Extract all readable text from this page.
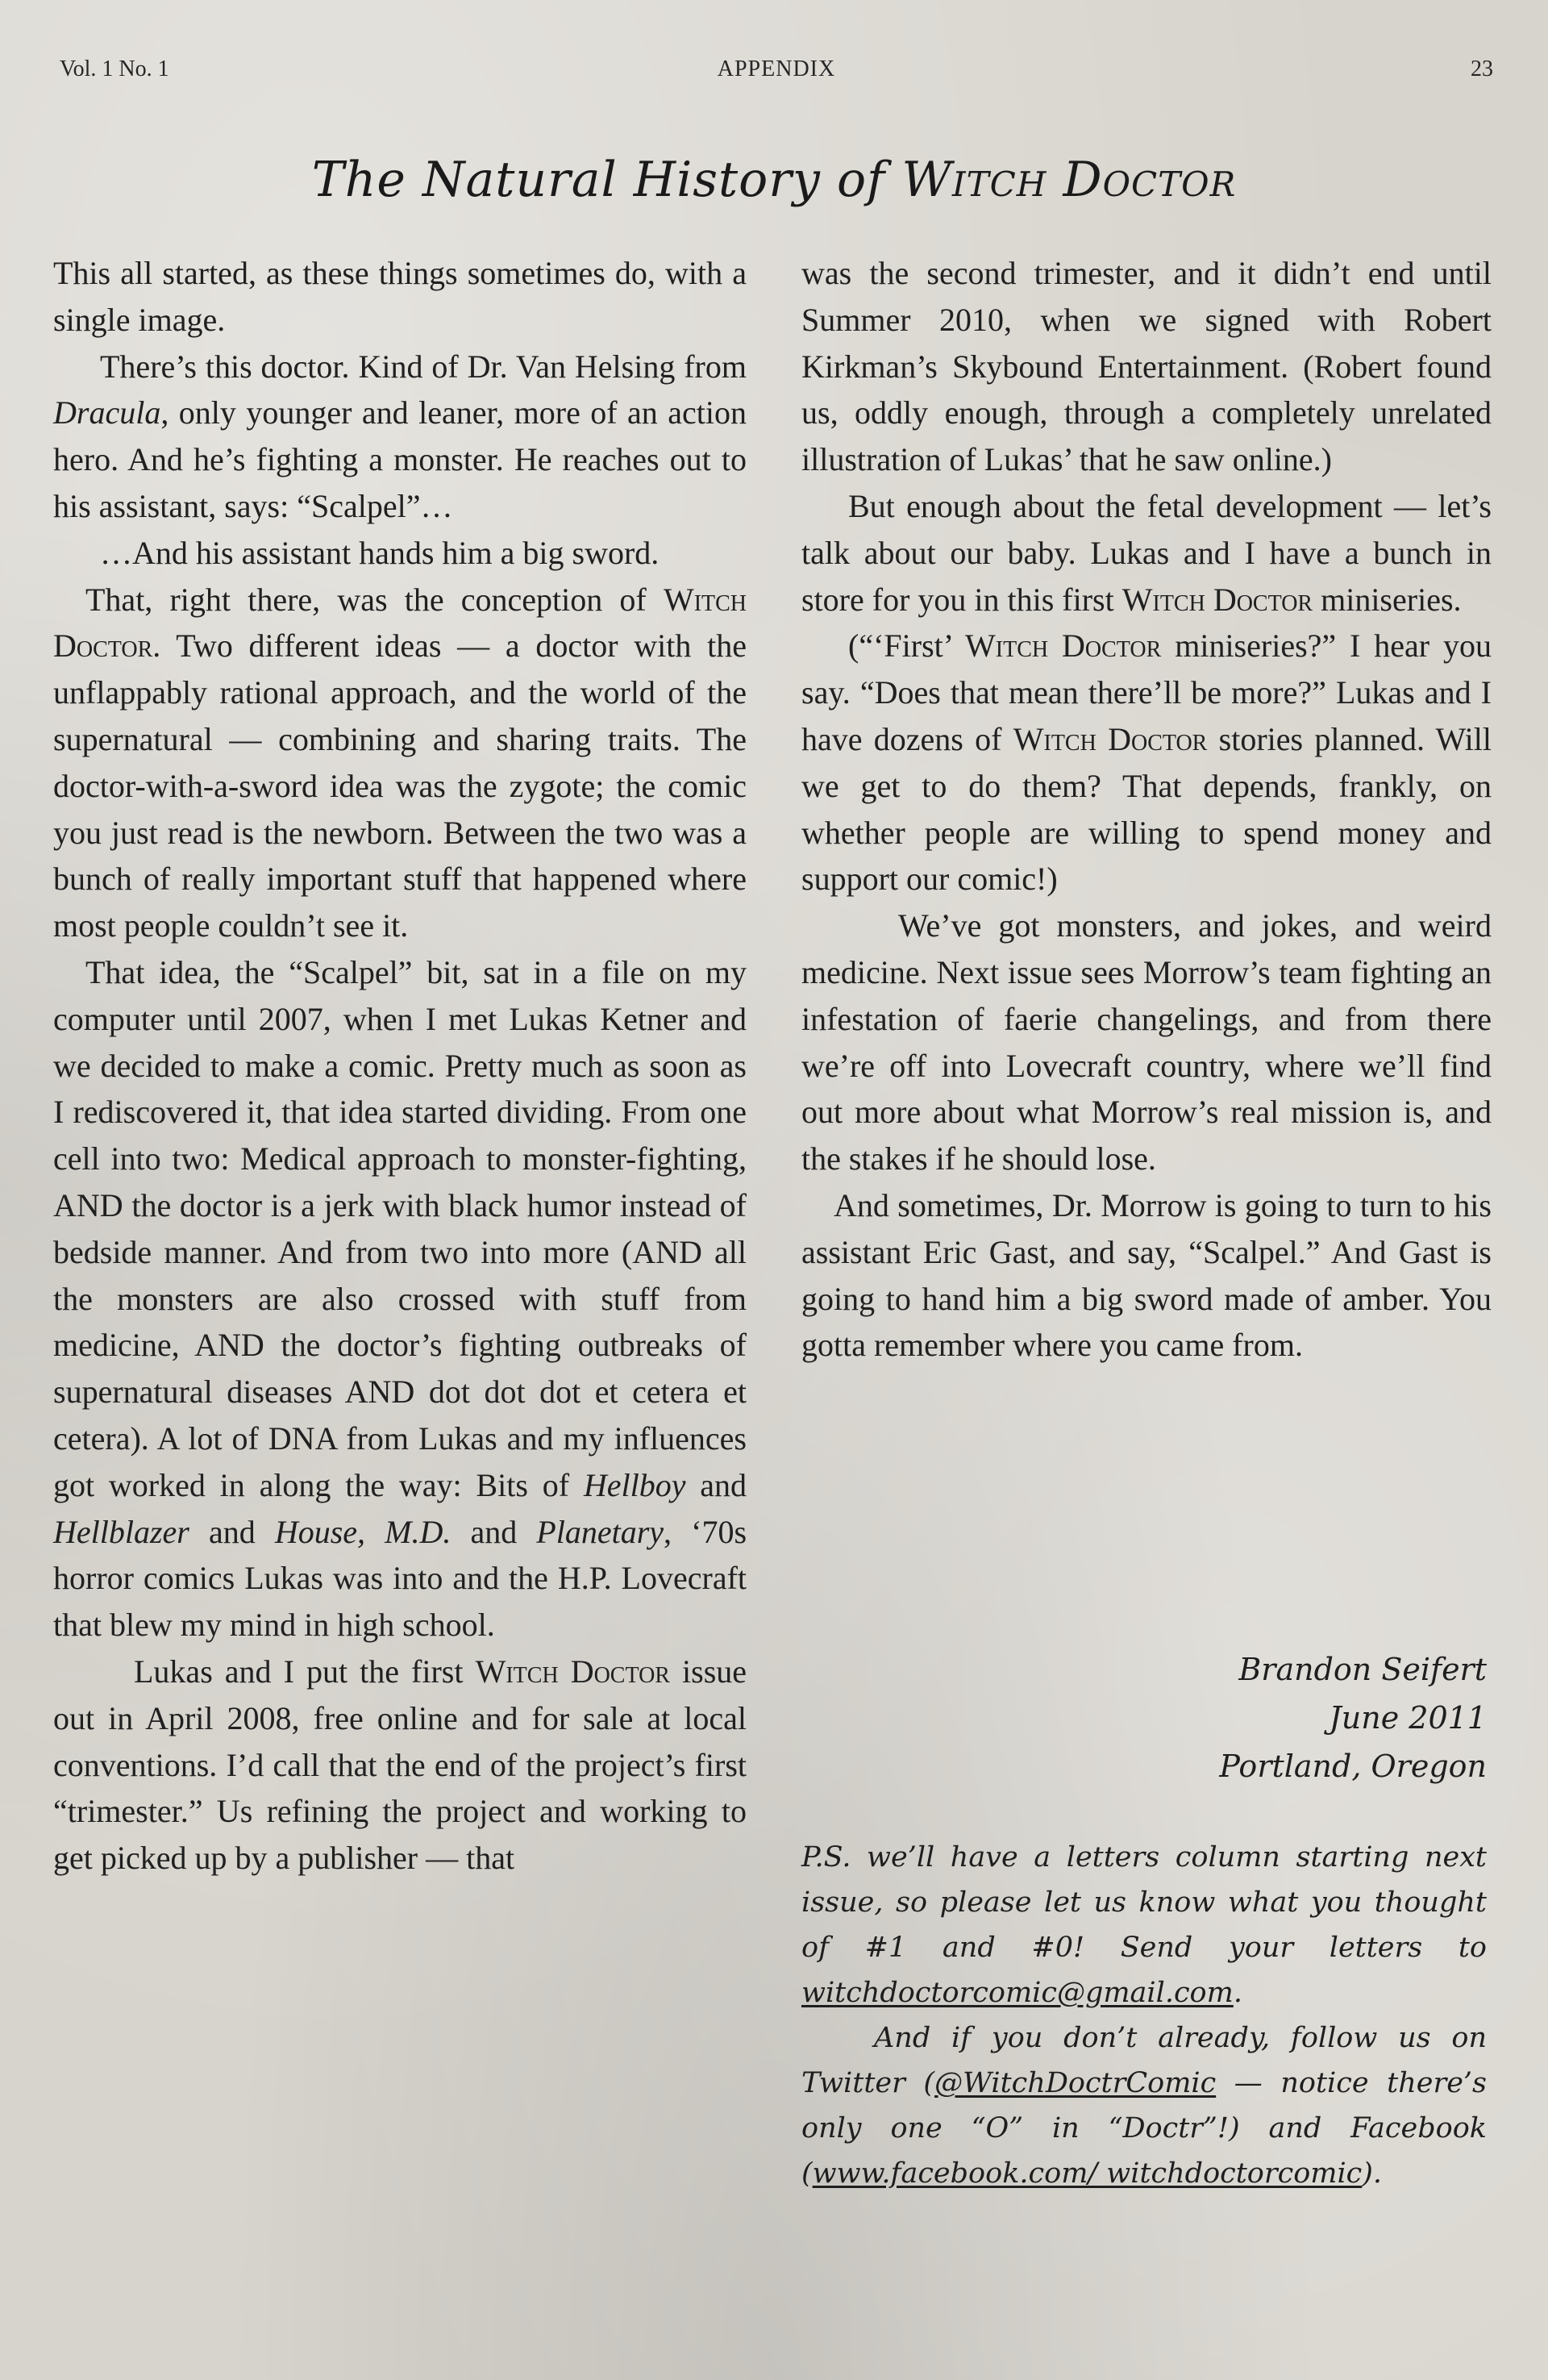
Vol. 1 No. 1	APPENDIX	23
The Natural History of Witch Doctor

This all started, as these things sometimes do, with a single image.

There’s this doctor. Kind of Dr. Van Helsing from Dracula, only younger and leaner, more of an action hero. And he’s fighting a monster. He reaches out to his assistant, says: “Scalpel”…

…And his assistant hands him a big sword.

That, right there, was the conception of Witch Doctor. Two different ideas — a doctor with the unflappably rational approach, and the world of the supernatural — combining and sharing traits. The doctor-with-a-sword idea was the zygote; the comic you just read is the newborn. Between the two was a bunch of really important stuff that happened where most people couldn’t see it.

That idea, the “Scalpel” bit, sat in a file on my computer until 2007, when I met Lukas Ketner and we decided to make a comic. Pretty much as soon as I rediscovered it, that idea started dividing. From one cell into two: Medical approach to monster-fighting, AND the doctor is a jerk with black humor instead of bedside manner. And from two into more (AND all the monsters are also crossed with stuff from medicine, AND the doctor’s fighting outbreaks of supernatural diseases AND dot dot dot et cetera et cetera). A lot of DNA from Lukas and my influences got worked in along the way: Bits of Hellboy and Hellblazer and House, M.D. and Planetary, ‘70s horror comics Lukas was into and the H.P. Lovecraft that blew my mind in high school.

Lukas and I put the first Witch Doctor issue out in April 2008, free online and for sale at local conventions. I’d call that the end of the project’s first “trimester.” Us refining the project and working to get picked up by a publisher — that

was the second trimester, and it didn’t end until Summer 2010, when we signed with Robert Kirkman’s Skybound Entertainment. (Robert found us, oddly enough, through a completely unrelated illustration of Lukas’ that he saw online.)

But enough about the fetal development — let’s talk about our baby. Lukas and I have a bunch in store for you in this first Witch Doctor miniseries.

(“‘First’ Witch Doctor miniseries?” I hear you say. “Does that mean there’ll be more?” Lukas and I have dozens of Witch Doctor stories planned. Will we get to do them? That depends, frankly, on whether people are willing to spend money and support our comic!)

We’ve got monsters, and jokes, and weird medicine. Next issue sees Morrow’s team fighting an infestation of faerie changelings, and from there we’re off into Lovecraft country, where we’ll find out more about what Morrow’s real mission is, and the stakes if he should lose.

And sometimes, Dr. Morrow is going to turn to his assistant Eric Gast, and say, “Scalpel.” And Gast is going to hand him a big sword made of amber. You gotta remember where you came from.

Brandon Seifert
June 2011
Portland, Oregon

P.S. we’ll have a letters column starting next issue, so please let us know what you thought of #1 and #0! Send your letters to witchdoctorcomic@gmail.com.

And if you don’t already, follow us on Twitter (@WitchDoctrComic — notice there’s only one “O” in “Doctr”!) and Facebook (www.facebook.com/ witchdoctorcomic).
